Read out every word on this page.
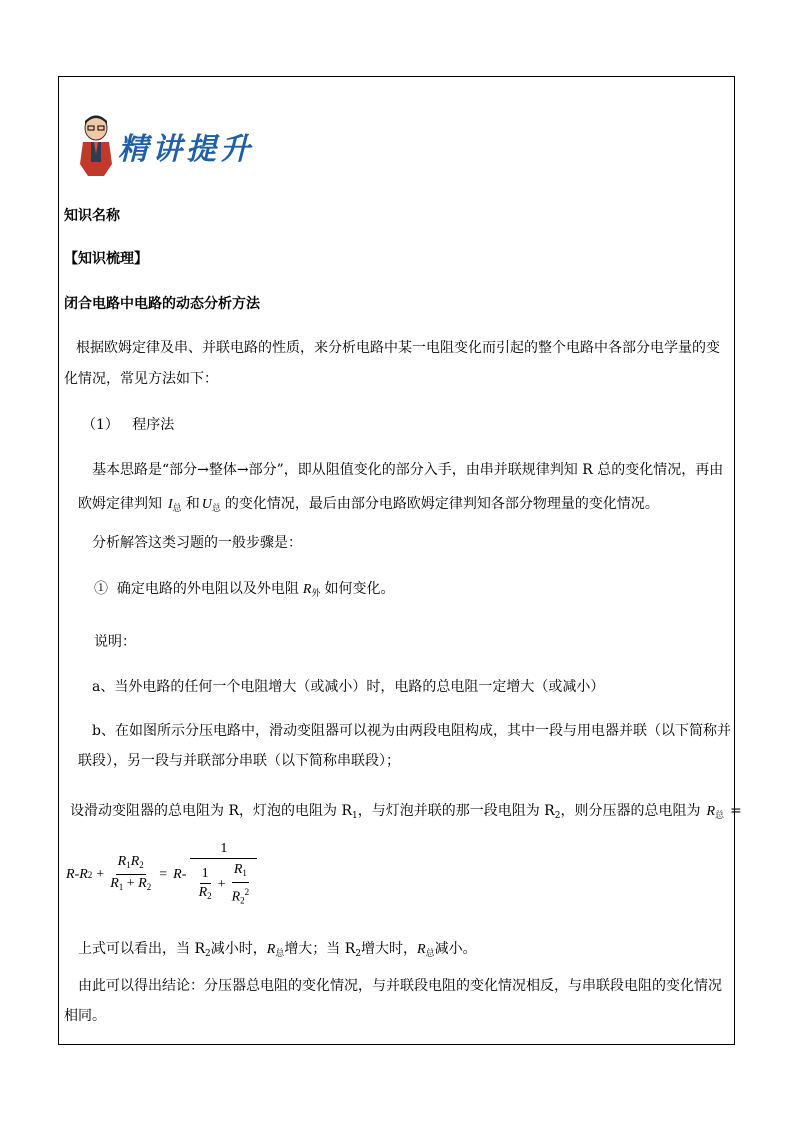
精讲提升
知识名称
【知识梳理】
闭合电路中电路的动态分析方法
根据欧姆定律及串、并联电路的性质，来分析电路中某一电阻变化而引起的整个电路中各部分电学量的变
化情况，常见方法如下：
（1） 程序法
基本思路是“部分→整体→部分”，即从阻值变化的部分入手，由串并联规律判知 R 总的变化情况，再由
欧姆定律判知 $I_总$ 和 $U_总$ 的变化情况，最后由部分电路欧姆定律判知各部分物理量的变化情况。
分析解答这类习题的一般步骤是：
① 确定电路的外电阻以及外电阻 $R_外$ 如何变化。
说明：
a、当外电路的任何一个电阻增大（或减小）时，电路的总电阻一定增大（或减小）
b、在如图所示分压电路中，滑动变阻器可以视为由两段电阻构成，其中一段与用电器并联（以下简称并
联段），另一段与并联部分串联（以下简称串联段）；
设滑动变阻器的总电阻为 R，灯泡的电阻为 $R_1$，与灯泡并联的那一段电阻为 $R_2$，则分压器的总电阻为 $R_总$ =
R - R $2 + \frac{R_1R_2}{R_1 + R_2} = R - \frac{1}{\frac{1}{R_2} + \frac{R_1}{R_2^2}}$
上式可以看出，当 $R_2$减小时，$R_总$增大；当 $R_2$增大时，$R_总$减小。
由此可以得出结论：分压器总电阻的变化情况，与并联段电阻的变化情况相反，与串联段电阻的变化情况
相同。
